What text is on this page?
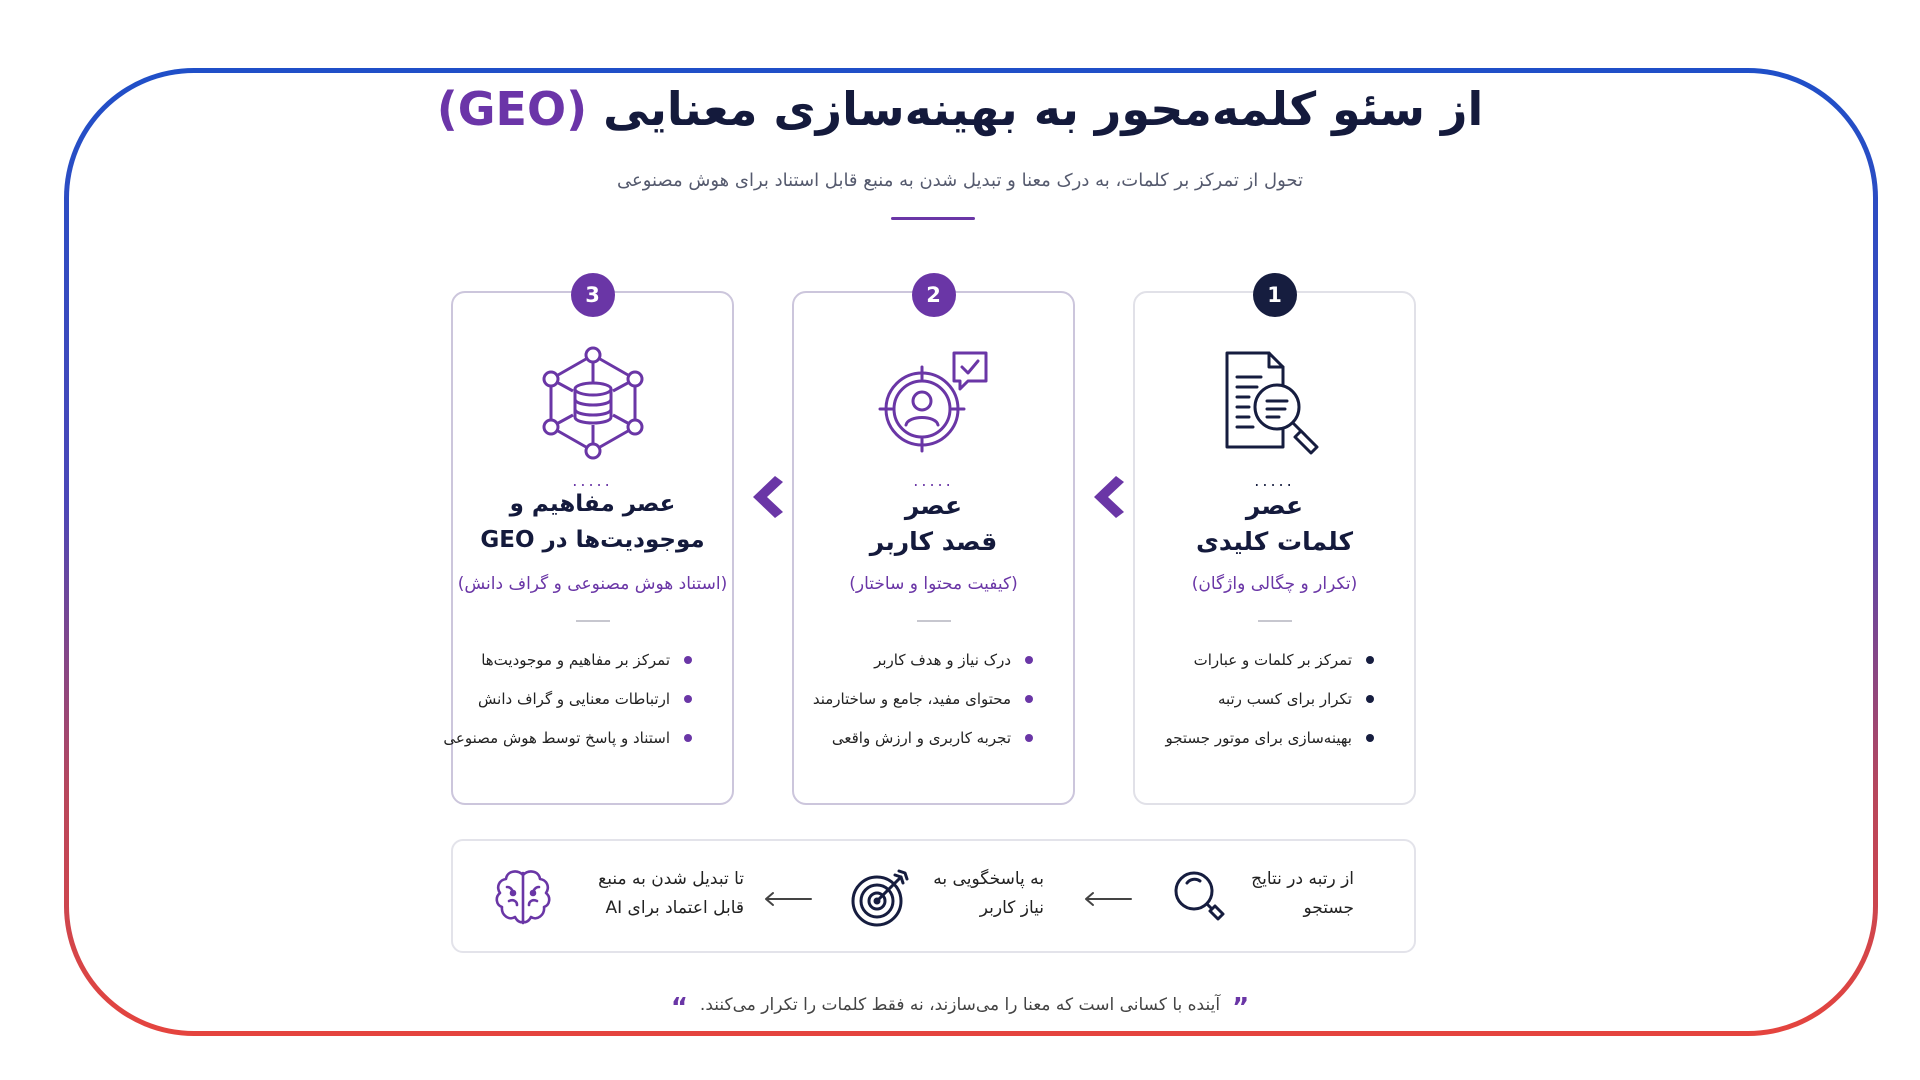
از سئو کلمه‌محور به بهینه‌سازی معنایی (GEO)
تحول از تمرکز بر کلمات، به درک معنا و تبدیل شدن به منبع قابل استناد برای هوش مصنوعی
1
.....
عصر
کلمات کلیدی
(تکرار و چگالی واژگان)
تمرکز بر کلمات و عبارات
تکرار برای کسب رتبه
بهینه‌سازی برای موتور جستجو
2
.....
عصر
قصد کاربر
(کیفیت محتوا و ساختار)
درک نیاز و هدف کاربر
محتوای مفید، جامع و ساختارمند
تجربه کاربری و ارزش واقعی
3
.....
عصر مفاهیم و
موجودیت‌ها در GEO
(استناد هوش مصنوعی و گراف دانش)
تمرکز بر مفاهیم و موجودیت‌ها
ارتباطات معنایی و گراف دانش
استناد و پاسخ توسط هوش مصنوعی
از رتبه در نتایج
جستجو
به پاسخگویی به
نیاز کاربر
تا تبدیل شدن به منبع
قابل اعتماد برای AI
”آینده با کسانی است که معنا را می‌سازند، نه فقط کلمات را تکرار می‌کنند.“
